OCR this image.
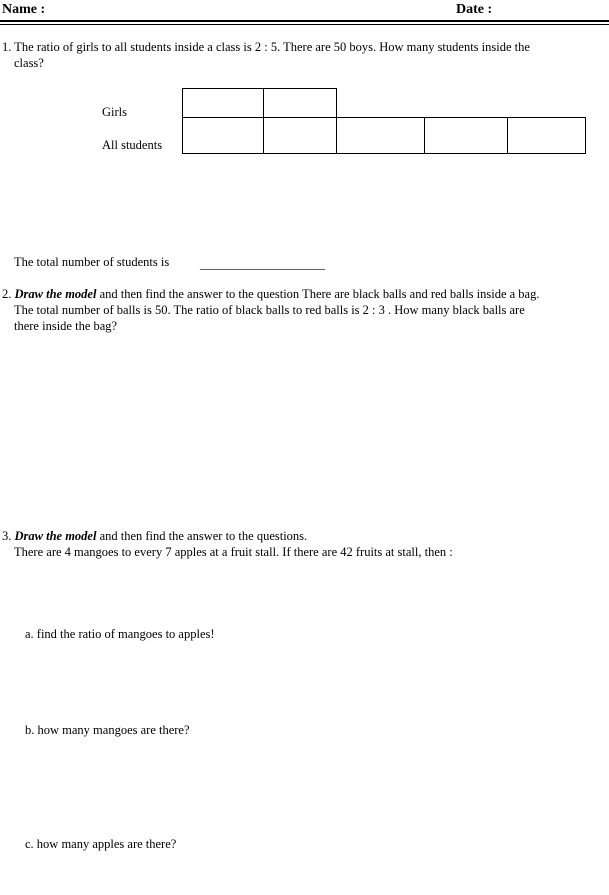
Name :	Date :
1. The ratio of girls to all students inside a class is 2 : 5. There are 50 boys. How many students inside the
class?
Girls
All students
The total number of students is ____________________
2. Draw the model and then find the answer to the question There are black balls and red balls inside a bag.
The total number of balls is 50. The ratio of black balls to red balls is 2 : 3 . How many black balls are
there inside the bag?
3. Draw the model and then find the answer to the questions.
There are 4 mangoes to every 7 apples at a fruit stall. If there are 42 fruits at stall, then :
a. find the ratio of mangoes to apples!
b. how many mangoes are there?
c. how many apples are there?
